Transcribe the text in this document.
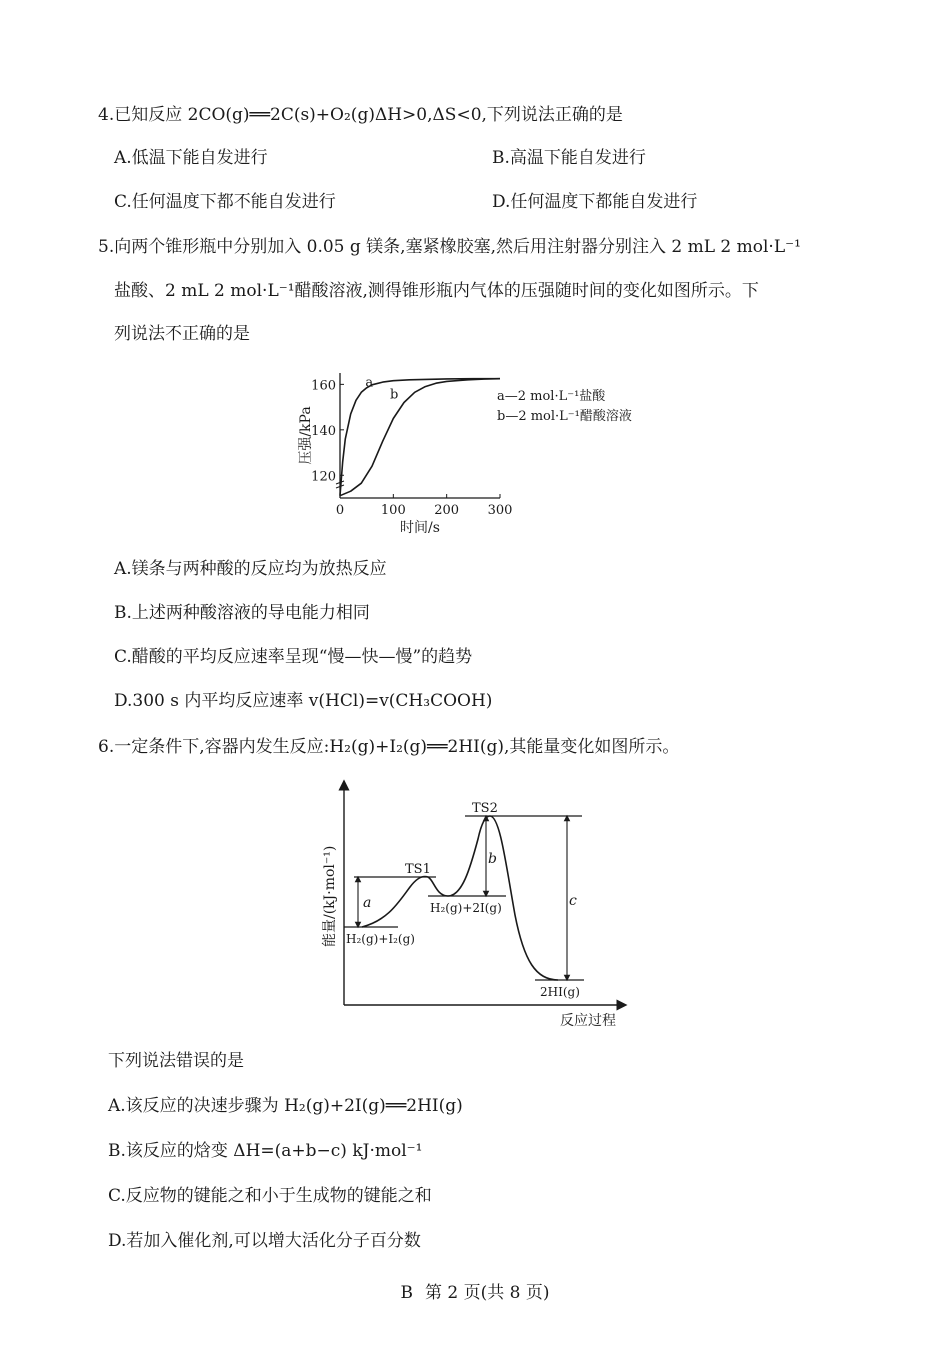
4.已知反应 2CO(g)══2C(s)+O₂(g)ΔH>0,ΔS<0,下列说法正确的是
A.低温下能自发进行	B.高温下能自发进行
C.任何温度下都不能自发进行	D.任何温度下都能自发进行
5.向两个锥形瓶中分别加入 0.05 g 镁条,塞紧橡胶塞,然后用注射器分别注入 2 mL 2 mol·L⁻¹
盐酸、2 mL 2 mol·L⁻¹醋酸溶液,测得锥形瓶内气体的压强随时间的变化如图所示。下
列说法不正确的是
0	100 200 300
120
140
160
时间/s
压强/kPa
a
a—2 mol·L⁻¹盐酸
b
b—2 mol·L⁻¹醋酸溶液
A.镁条与两种酸的反应均为放热反应
B.上述两种酸溶液的导电能力相同
C.醋酸的平均反应速率呈现“慢—快—慢”的趋势
D.300 s 内平均反应速率 v(HCl)=v(CH₃COOH)
6.一定条件下,容器内发生反应:H₂(g)+I₂(g)══2HI(g),其能量变化如图所示。
能量/(kJ·mol⁻¹)
反应过程
a
b
c
TS1
TS2
H₂(g)+I₂(g)
H₂(g)+2I(g)
2HI(g)
下列说法错误的是
A.该反应的决速步骤为 H₂(g)+2I(g)══2HI(g)
B.该反应的焓变 ΔH=(a+b−c) kJ·mol⁻¹
C.反应物的键能之和小于生成物的键能之和
D.若加入催化剂,可以增大活化分子百分数
B 第 2 页(共 8 页)
